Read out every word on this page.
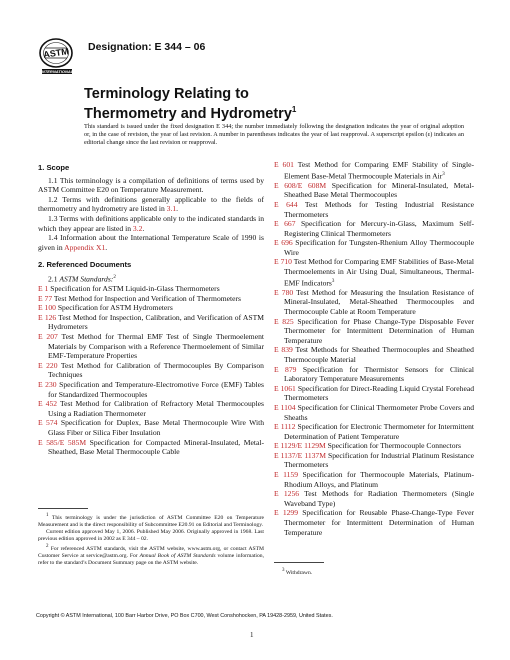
ASTM
INTERNATIONAL
Designation: E 344 – 06
Terminology Relating to
Thermometry and Hydrometry$^1$
This standard is issued under the fixed designation E 344; the number immediately following the designation indicates the year of original adoption or, in the case of revision, the year of last revision. A number in parentheses indicates the year of last reapproval. A superscript epsilon (ε) indicates an editorial change since the last revision or reapproval.
1. Scope

1.1 This terminology is a compilation of definitions of terms used by ASTM Committee E20 on Temperature Measurement.

1.2 Terms with definitions generally applicable to the fields of thermometry and hydrometry are listed in 3.1.

1.3 Terms with definitions applicable only to the indicated standards in which they appear are listed in 3.2.

1.4 Information about the International Temperature Scale of 1990 is given in Appendix X1.

2. Referenced Documents

2.1 ASTM Standards:$^2$

E 1 Specification for ASTM Liquid-in-Glass Thermometers

E 77 Test Method for Inspection and Verification of Thermometers

E 100 Specification for ASTM Hydrometers

E 126 Test Method for Inspection, Calibration, and Verification of ASTM Hydrometers

E 207 Test Method for Thermal EMF Test of Single Thermoelement Materials by Comparison with a Reference Thermoelement of Similar EMF-Temperature Properties

E 220 Test Method for Calibration of Thermocouples By Comparison Techniques

E 230 Specification and Temperature-Electromotive Force (EMF) Tables for Standardized Thermocouples

E 452 Test Method for Calibration of Refractory Metal Thermocouples Using a Radiation Thermometer

E 574 Specification for Duplex, Base Metal Thermocouple Wire With Glass Fiber or Silica Fiber Insulation

E 585/E 585M Specification for Compacted Mineral-Insulated, Metal-Sheathed, Base Metal Thermocouple Cable

E 601 Test Method for Comparing EMF Stability of Single-Element Base-Metal Thermocouple Materials in Air$^3$

E 608/E 608M Specification for Mineral-Insulated, Metal-Sheathed Base Metal Thermocouples

E 644 Test Methods for Testing Industrial Resistance Thermometers

E 667 Specification for Mercury-in-Glass, Maximum Self-Registering Clinical Thermometers

E 696 Specification for Tungsten-Rhenium Alloy Thermocouple Wire

E 710 Test Method for Comparing EMF Stabilities of Base-Metal Thermoelements in Air Using Dual, Simultaneous, Thermal-EMF Indicators$^3$

E 780 Test Method for Measuring the Insulation Resistance of Mineral-Insulated, Metal-Sheathed Thermocouples and Thermocouple Cable at Room Temperature

E 825 Specification for Phase Change-Type Disposable Fever Thermometer for Intermittent Determination of Human Temperature

E 839 Test Methods for Sheathed Thermocouples and Sheathed Thermocouple Material

E 879 Specification for Thermistor Sensors for Clinical Laboratory Temperature Measurements

E 1061 Specification for Direct-Reading Liquid Crystal Forehead Thermometers

E 1104 Specification for Clinical Thermometer Probe Covers and Sheaths

E 1112 Specification for Electronic Thermometer for Intermittent Determination of Patient Temperature

E 1129/E 1129M Specification for Thermocouple Connectors

E 1137/E 1137M Specification for Industrial Platinum Resistance Thermometers

E 1159 Specification for Thermocouple Materials, Platinum-Rhodium Alloys, and Platinum

E 1256 Test Methods for Radiation Thermometers (Single Waveband Type)

E 1299 Specification for Reusable Phase-Change-Type Fever Thermometer for Intermittent Determination of Human Temperature

$^1$ This terminology is under the jurisdiction of ASTM Committee E20 on Temperature Measurement and is the direct responsibility of Subcommittee E20.91 on Editorial and Terminology.
Current edition approved May 1, 2006. Published May 2006. Originally approved in 1968. Last previous edition approved in 2002 as E 344 – 02.
$^2$ For referenced ASTM standards, visit the ASTM website, www.astm.org, or contact ASTM Customer Service at service@astm.org. For Annual Book of ASTM Standards volume information, refer to the standard’s Document Summary page on the ASTM website.
$^3$ Withdrawn.
Copyright © ASTM International, 100 Barr Harbor Drive, PO Box C700, West Conshohocken, PA 19428-2959, United States.
1
